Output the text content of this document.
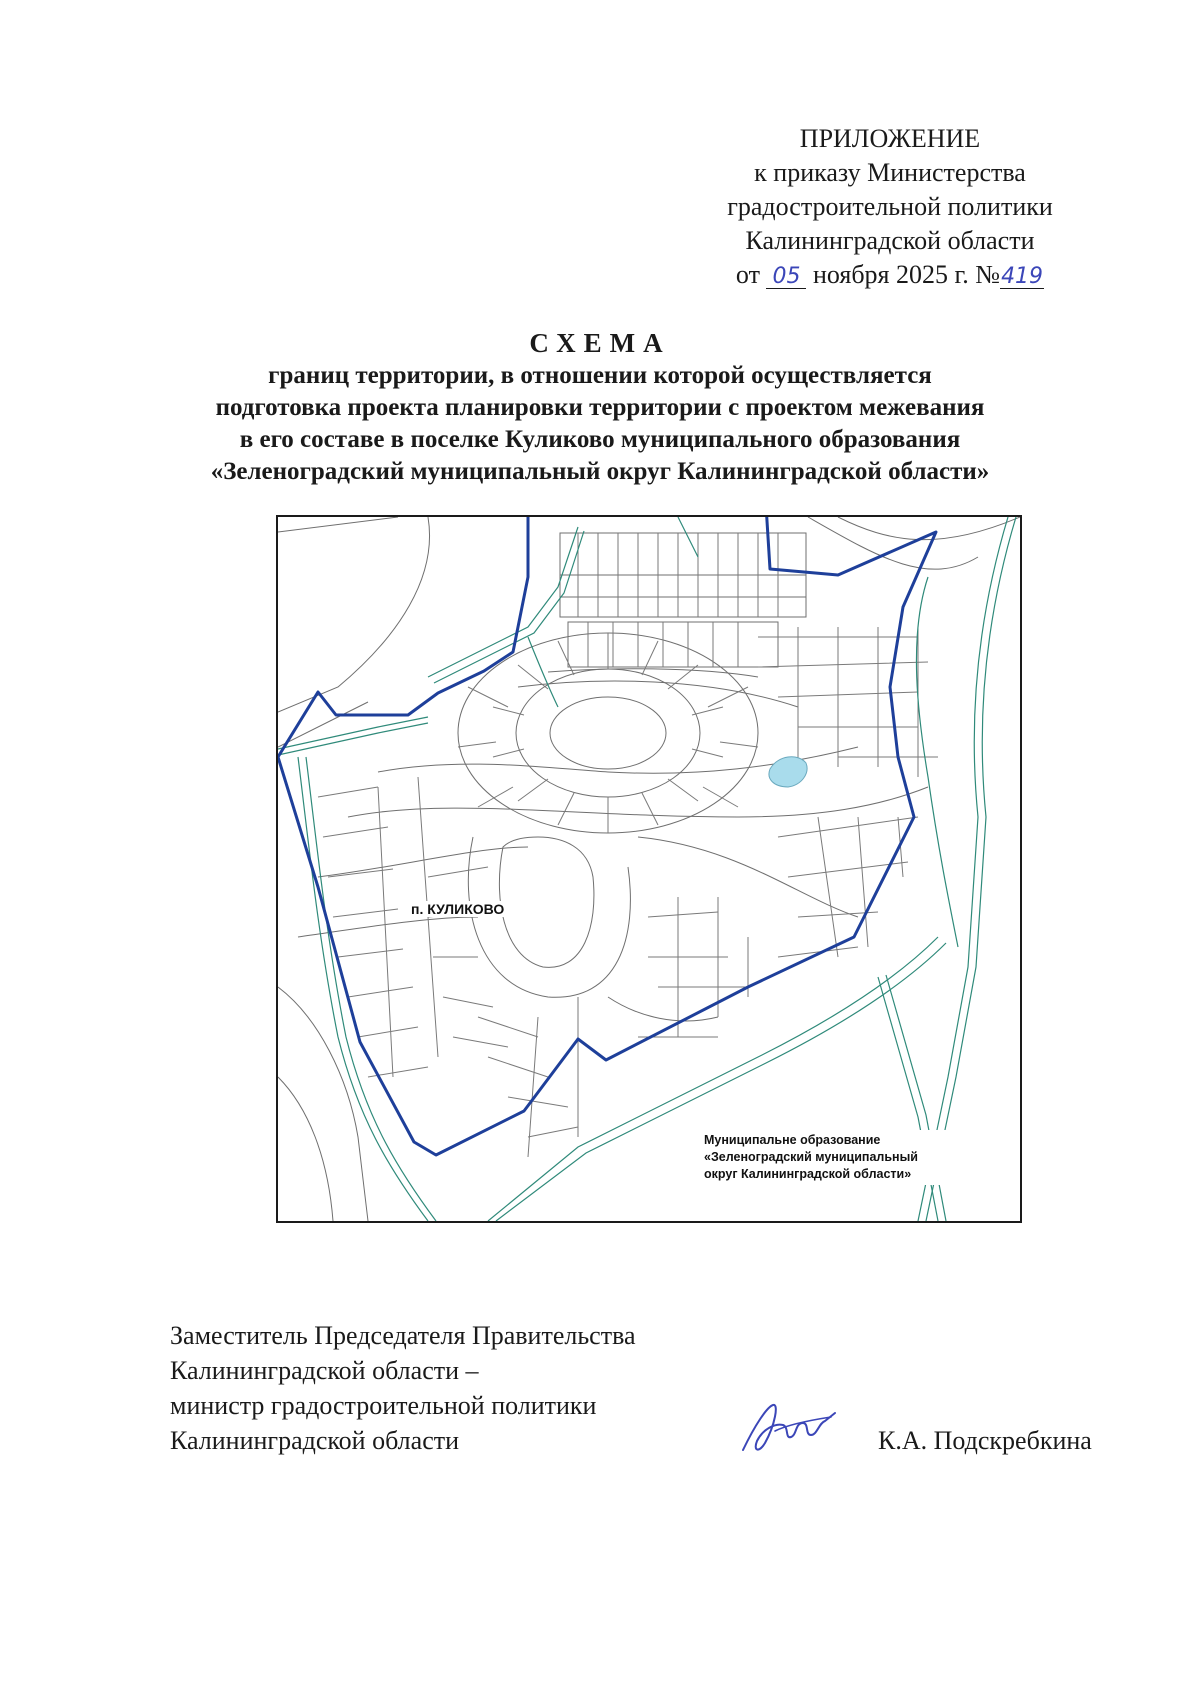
ПРИЛОЖЕНИЕ
к приказу Министерства
градостроительной политики
Калининградской области
от 05 ноября 2025 г. №419
СХЕМА
границ территории, в отношении которой осуществляется
подготовка проекта планировки территории с проектом межевания
в его составе в поселке Куликово муниципального образования
«Зеленоградский муниципальный округ Калининградской области»
п. КУЛИКОВО
Муниципальне образование
«Зеленоградский муниципальный
округ Калининградской области»
Заместитель Председателя Правительства
Калининградской области –
министр градостроительной политики
Калининградской области	К.А. Подскребкина
